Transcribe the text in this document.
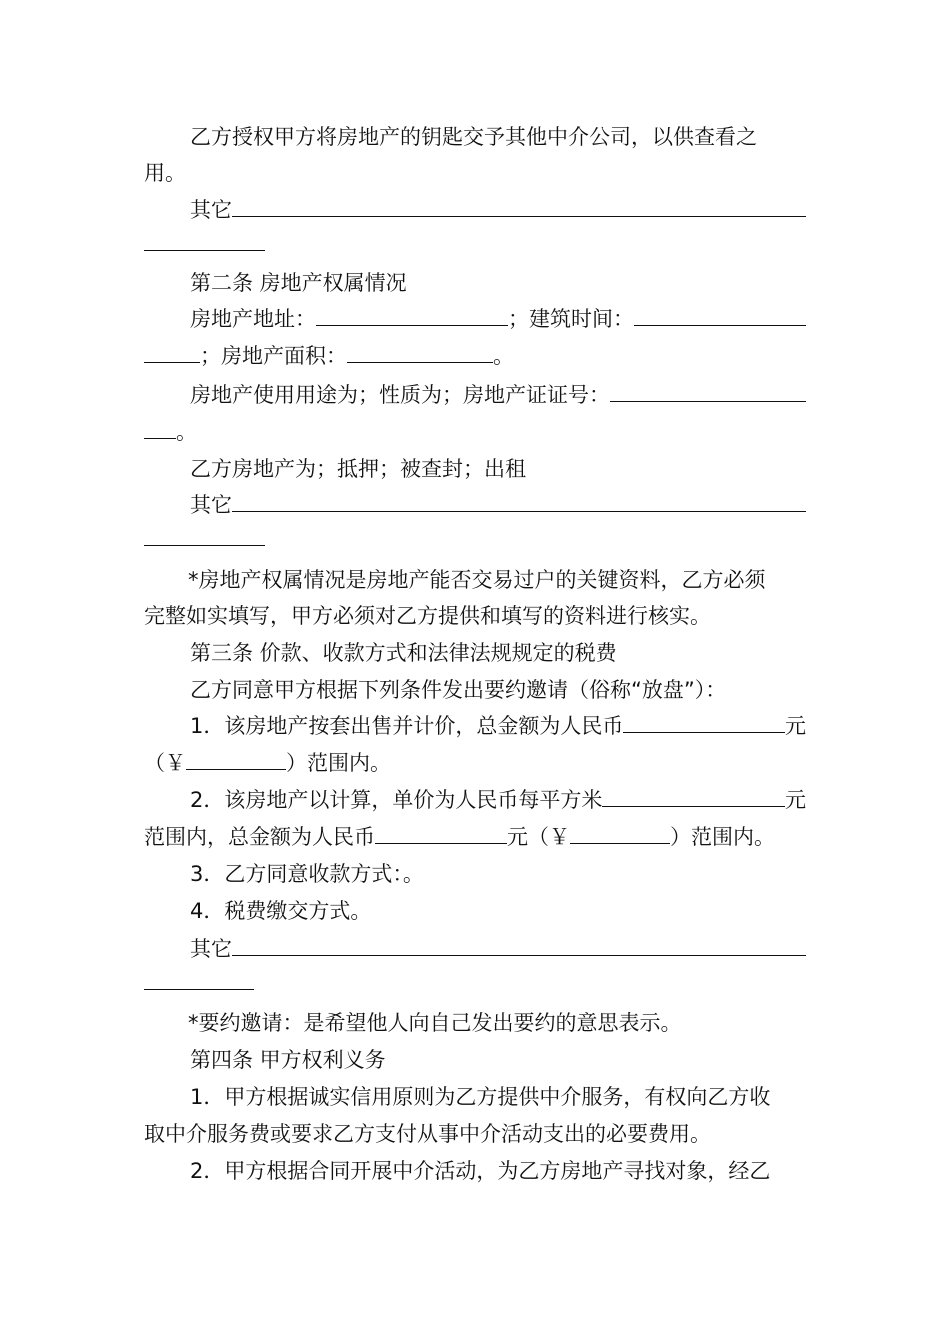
乙方授权甲方将房地产的钥匙交予其他中介公司，以供查看之
用。
其它
第二条 房地产权属情况
房地产地址：	；建筑时间：
；房地产面积：	。
房地产使用用途为；性质为；房地产证证号：
。
乙方房地产为；抵押；被查封；出租
其它
*房地产权属情况是房地产能否交易过户的关键资料，乙方必须
完整如实填写，甲方必须对乙方提供和填写的资料进行核实。
第三条 价款、收款方式和法律法规规定的税费
乙方同意甲方根据下列条件发出要约邀请（俗称“放盘”）：
1．该房地产按套出售并计价，总金额为人民币	元
（￥	）范围内。
2．该房地产以计算，单价为人民币每平方米	元
范围内，总金额为人民币	元（￥	）范围内。
3．乙方同意收款方式：。
4．税费缴交方式。
其它
*要约邀请：是希望他人向自己发出要约的意思表示。
第四条 甲方权利义务
1．甲方根据诚实信用原则为乙方提供中介服务，有权向乙方收
取中介服务费或要求乙方支付从事中介活动支出的必要费用。
2．甲方根据合同开展中介活动，为乙方房地产寻找对象，经乙
